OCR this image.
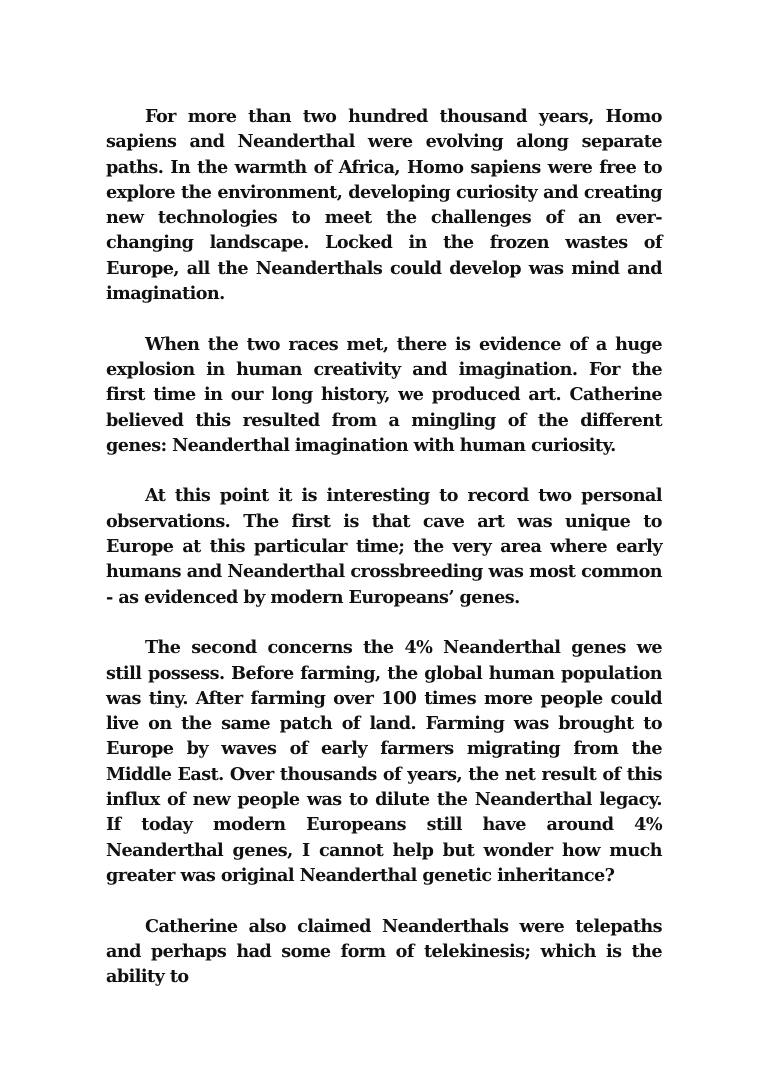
For more than two hundred thousand years, Homo sapiens and Neanderthal were evolving along separate paths. In the warmth of Africa, Homo sapiens were free to explore the environment, developing curiosity and creating new technologies to meet the challenges of an ever-changing landscape. Locked in the frozen wastes of Europe, all the Neanderthals could develop was mind and imagination.

When the two races met, there is evidence of a huge explosion in human creativity and imagination. For the first time in our long history, we produced art. Catherine believed this resulted from a mingling of the different genes: Neanderthal imagination with human curiosity.

At this point it is interesting to record two personal observations. The first is that cave art was unique to Europe at this particular time; the very area where early humans and Neanderthal crossbreeding was most common - as evidenced by modern Europeans’ genes.

The second concerns the 4% Neanderthal genes we still possess. Before farming, the global human population was tiny. After farming over 100 times more people could live on the same patch of land. Farming was brought to Europe by waves of early farmers migrating from the Middle East. Over thousands of years, the net result of this influx of new people was to dilute the Neanderthal legacy. If today modern Europeans still have around 4% Neanderthal genes, I cannot help but wonder how much greater was original Neanderthal genetic inheritance?

Catherine also claimed Neanderthals were telepaths and perhaps had some form of telekinesis; which is the ability to
